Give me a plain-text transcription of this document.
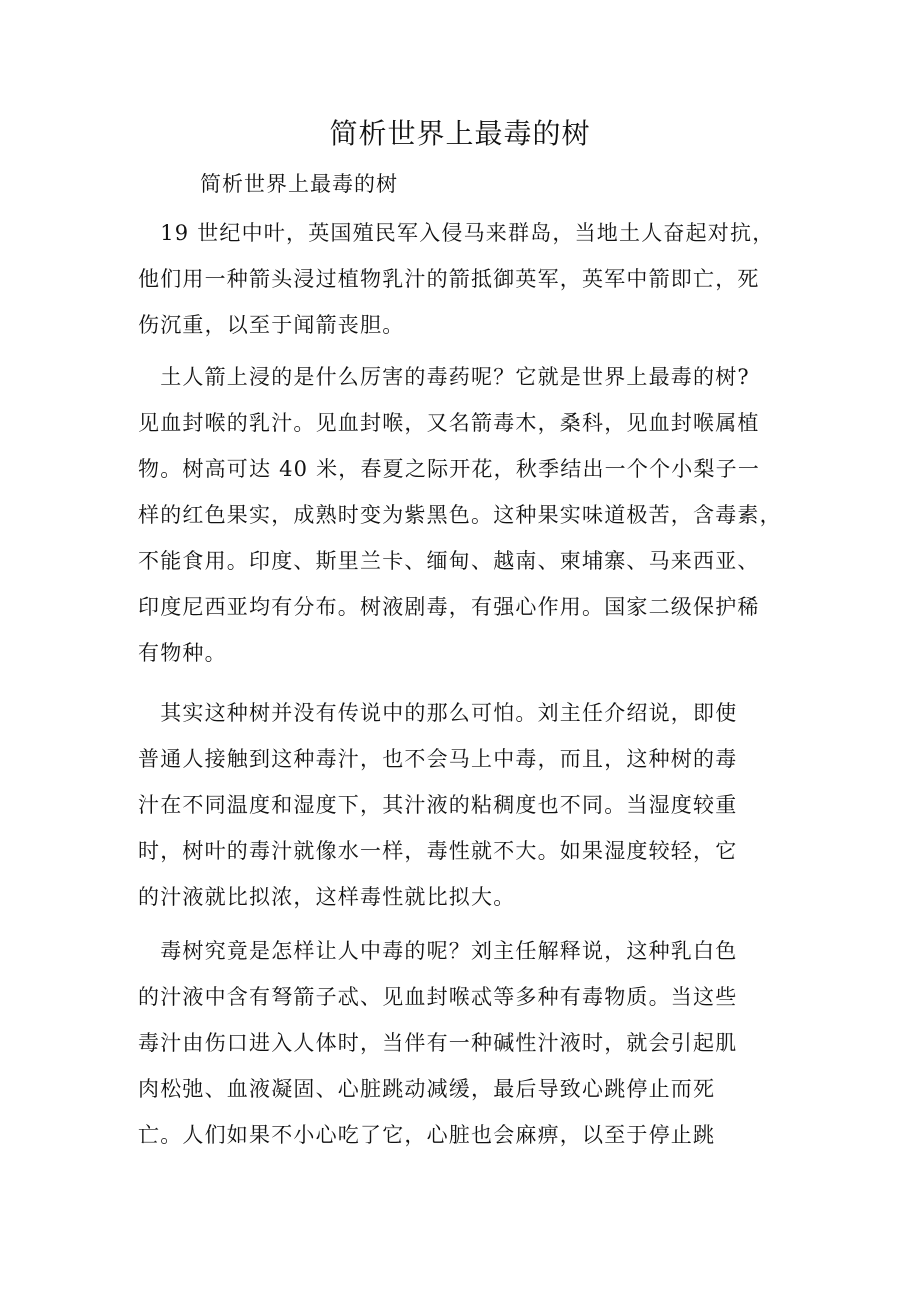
简析世界上最毒的树
简析世界上最毒的树
　19 世纪中叶，英国殖民军入侵马来群岛，当地土人奋起对抗，
他们用一种箭头浸过植物乳汁的箭抵御英军，英军中箭即亡，死
伤沉重，以至于闻箭丧胆。
　土人箭上浸的是什么厉害的毒药呢？它就是世界上最毒的树?
见血封喉的乳汁。见血封喉，又名箭毒木，桑科，见血封喉属植
物。树高可达 40 米，春夏之际开花，秋季结出一个个小梨子一
样的红色果实，成熟时变为紫黑色。这种果实味道极苦，含毒素，
不能食用。印度、斯里兰卡、缅甸、越南、柬埔寨、马来西亚、
印度尼西亚均有分布。树液剧毒，有强心作用。国家二级保护稀
有物种。
　其实这种树并没有传说中的那么可怕。刘主任介绍说，即使
普通人接触到这种毒汁，也不会马上中毒，而且，这种树的毒
汁在不同温度和湿度下，其汁液的粘稠度也不同。当湿度较重
时，树叶的毒汁就像水一样，毒性就不大。如果湿度较轻，它
的汁液就比拟浓，这样毒性就比拟大。
　毒树究竟是怎样让人中毒的呢？刘主任解释说，这种乳白色
的汁液中含有弩箭子忒、见血封喉忒等多种有毒物质。当这些
毒汁由伤口进入人体时，当伴有一种碱性汁液时，就会引起肌
肉松弛、血液凝固、心脏跳动减缓，最后导致心跳停止而死
亡。人们如果不小心吃了它，心脏也会麻痹，以至于停止跳
